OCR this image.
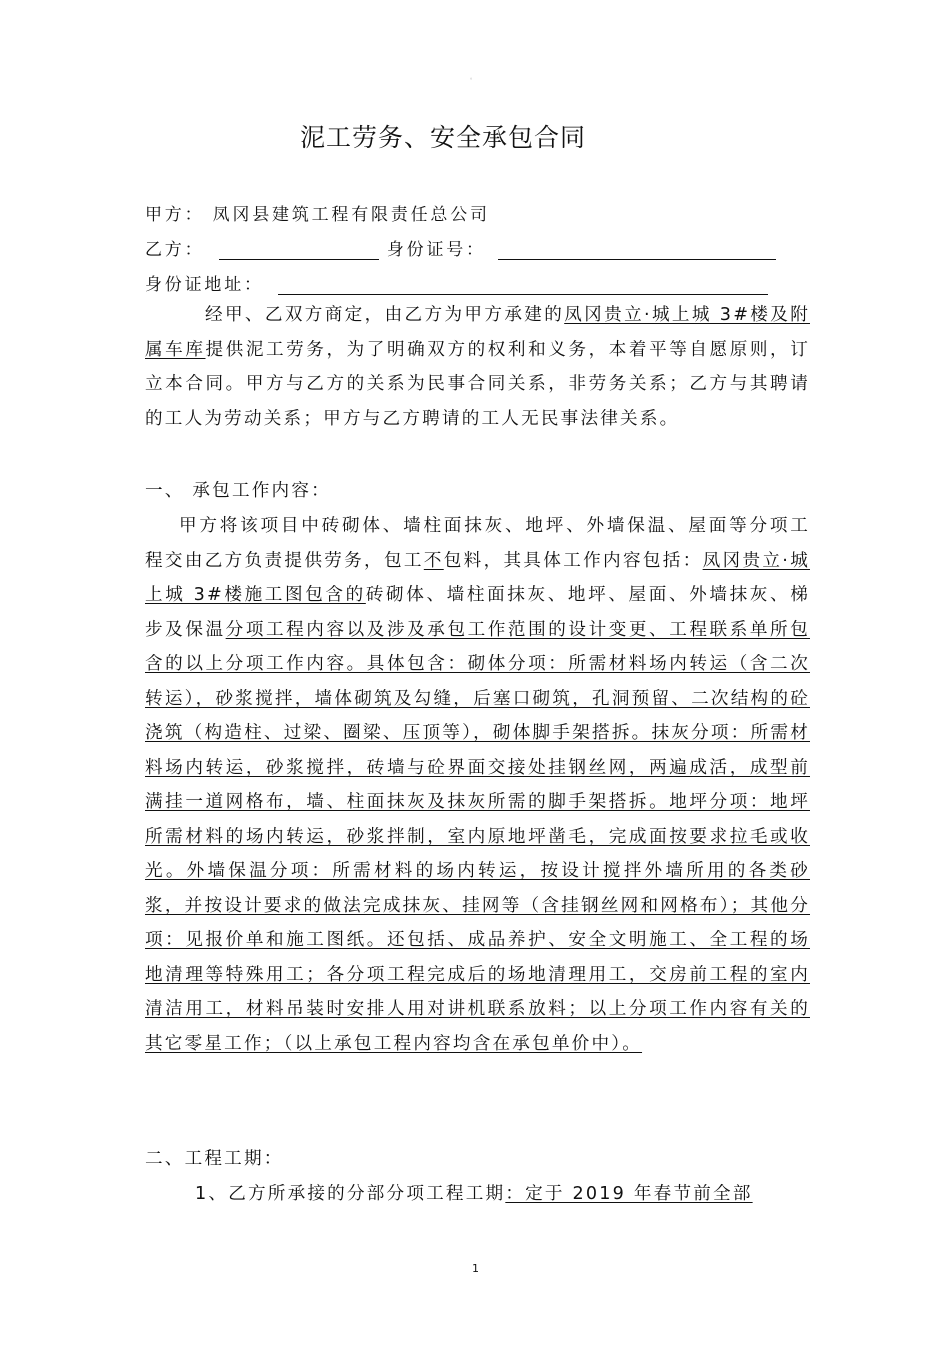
。
泥工劳务、安全承包合同
甲方： 凤冈县建筑工程有限责任总公司
乙方：	身份证号：
身份证地址：
经甲、乙双方商定，由乙方为甲方承建的凤冈贵立·城上城 3#楼及附属车库提供泥工劳务，为了明确双方的权利和义务，本着平等自愿原则，订立本合同。甲方与乙方的关系为民事合同关系，非劳务关系；乙方与其聘请的工人为劳动关系；甲方与乙方聘请的工人无民事法律关系。
一、 承包工作内容：
甲方将该项目中砖砌体、墙柱面抹灰、地坪、外墙保温、屋面等分项工程交由乙方负责提供劳务，包工不包料，其具体工作内容包括：凤冈贵立·城上城 3#楼施工图包含的砖砌体、墙柱面抹灰、地坪、屋面、外墙抹灰、梯步及保温分项工程内容以及涉及承包工作范围的设计变更、工程联系单所包含的以上分项工作内容。具体包含：砌体分项：所需材料场内转运（含二次转运），砂浆搅拌，墙体砌筑及勾缝，后塞口砌筑，孔洞预留、二次结构的砼浇筑（构造柱、过梁、圈梁、压顶等），砌体脚手架搭拆。抹灰分项：所需材料场内转运，砂浆搅拌，砖墙与砼界面交接处挂钢丝网，两遍成活，成型前满挂一道网格布，墙、柱面抹灰及抹灰所需的脚手架搭拆。地坪分项：地坪所需材料的场内转运，砂浆拌制，室内原地坪凿毛，完成面按要求拉毛或收光。外墙保温分项：所需材料的场内转运，按设计搅拌外墙所用的各类砂浆，并按设计要求的做法完成抹灰、挂网等（含挂钢丝网和网格布）；其他分项：见报价单和施工图纸。还包括、成品养护、安全文明施工、全工程的场地清理等特殊用工；各分项工程完成后的场地清理用工，交房前工程的室内清洁用工，材料吊装时安排人用对讲机联系放料；以上分项工作内容有关的其它零星工作；（以上承包工程内容均含在承包单价中）。
二、工程工期：
1、乙方所承接的分部分项工程工期：定于 2019 年春节前全部
1
